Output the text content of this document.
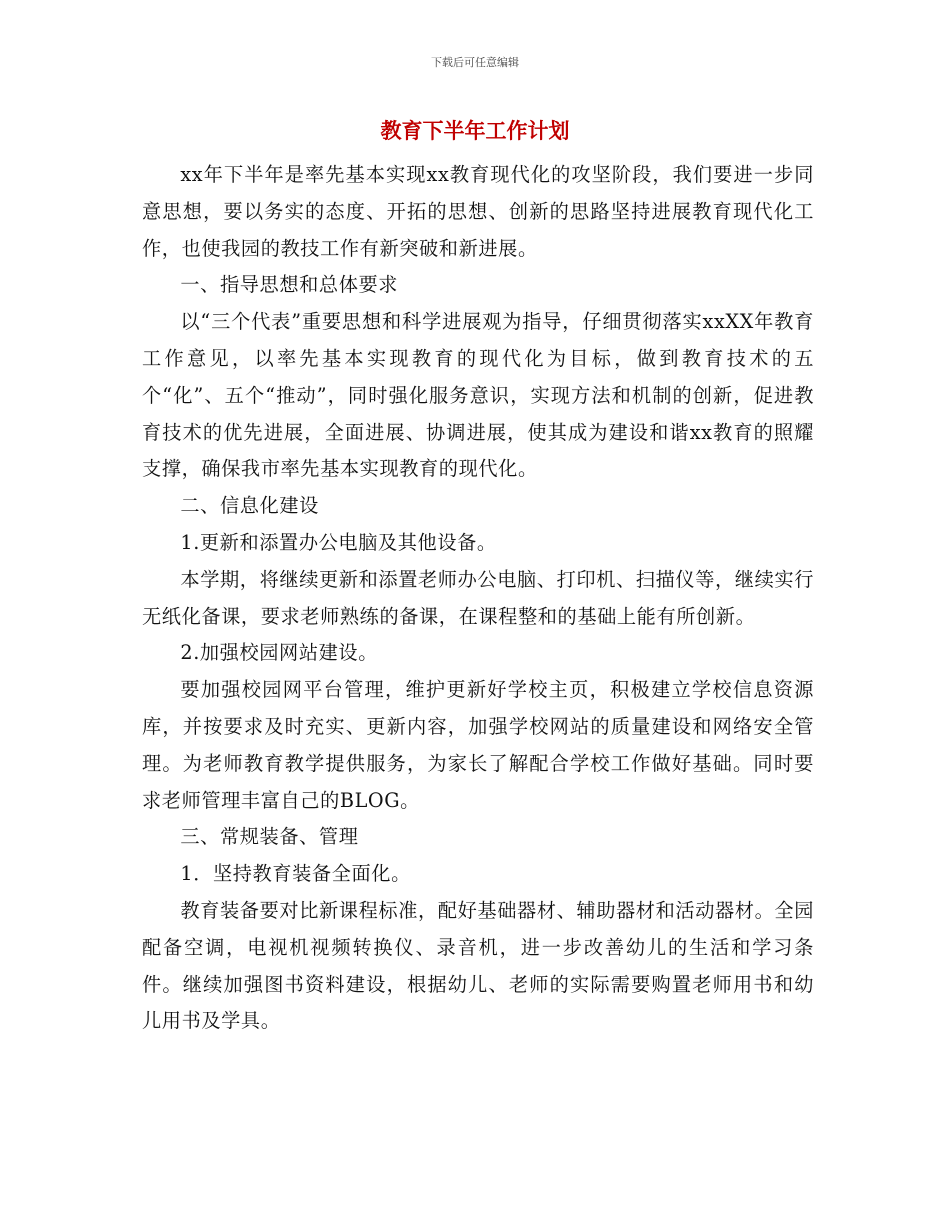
下载后可任意编辑
教育下半年工作计划

xx年下半年是率先基本实现xx教育现代化的攻坚阶段，我们要进一步同意思想，要以务实的态度、开拓的思想、创新的思路坚持进展教育现代化工作，也使我园的教技工作有新突破和新进展。

一、指导思想和总体要求

以“三个代表”重要思想和科学进展观为指导，仔细贯彻落实xxXX年教育工作意见，以率先基本实现教育的现代化为目标，做到教育技术的五个“化”、五个“推动”，同时强化服务意识，实现方法和机制的创新，促进教育技术的优先进展，全面进展、协调进展，使其成为建设和谐xx教育的照耀支撑，确保我市率先基本实现教育的现代化。

二、信息化建设

1.更新和添置办公电脑及其他设备。

本学期，将继续更新和添置老师办公电脑、打印机、扫描仪等，继续实行无纸化备课，要求老师熟练的备课，在课程整和的基础上能有所创新。

2.加强校园网站建设。

要加强校园网平台管理，维护更新好学校主页，积极建立学校信息资源库，并按要求及时充实、更新内容，加强学校网站的质量建设和网络安全管理。为老师教育教学提供服务，为家长了解配合学校工作做好基础。同时要求老师管理丰富自己的BLOG。

三、常规装备、管理

1．坚持教育装备全面化。

教育装备要对比新课程标准，配好基础器材、辅助器材和活动器材。全园配备空调，电视机视频转换仪、录音机，进一步改善幼儿的生活和学习条件。继续加强图书资料建设，根据幼儿、老师的实际需要购置老师用书和幼儿用书及学具。
